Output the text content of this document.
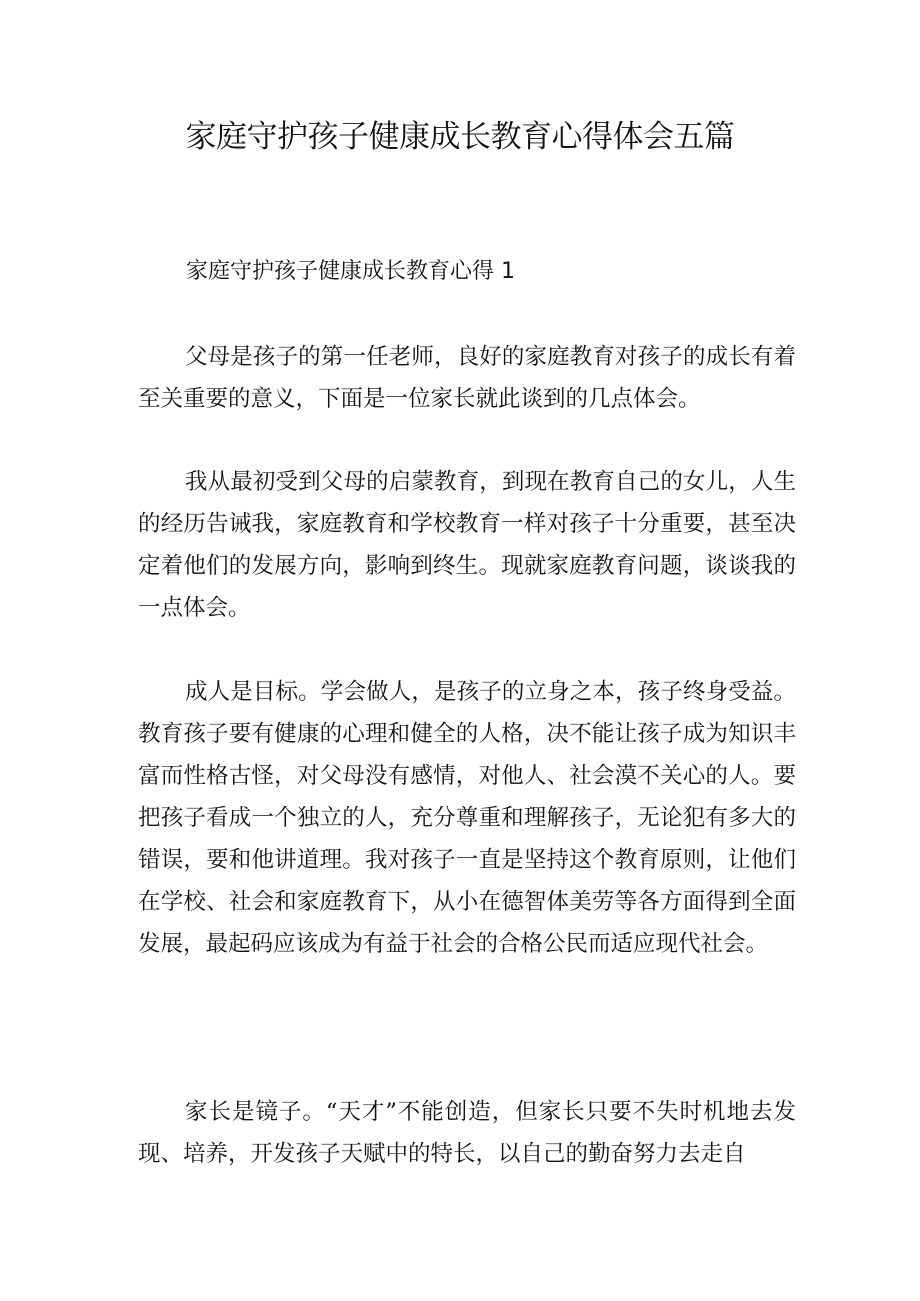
家庭守护孩子健康成长教育心得体会五篇
家庭守护孩子健康成长教育心得 1

父母是孩子的第一任老师，良好的家庭教育对孩子的成长有着至关重要的意义，下面是一位家长就此谈到的几点体会。

我从最初受到父母的启蒙教育，到现在教育自己的女儿，人生的经历告诫我，家庭教育和学校教育一样对孩子十分重要，甚至决定着他们的发展方向，影响到终生。现就家庭教育问题，谈谈我的一点体会。

成人是目标。学会做人，是孩子的立身之本，孩子终身受益。教育孩子要有健康的心理和健全的人格，决不能让孩子成为知识丰富而性格古怪，对父母没有感情，对他人、社会漠不关心的人。要把孩子看成一个独立的人，充分尊重和理解孩子，无论犯有多大的错误，要和他讲道理。我对孩子一直是坚持这个教育原则，让他们在学校、社会和家庭教育下，从小在德智体美劳等各方面得到全面发展，最起码应该成为有益于社会的合格公民而适应现代社会。

家长是镜子。“天才”不能创造，但家长只要不失时机地去发现、培养，开发孩子天赋中的特长，以自己的勤奋努力去走自
